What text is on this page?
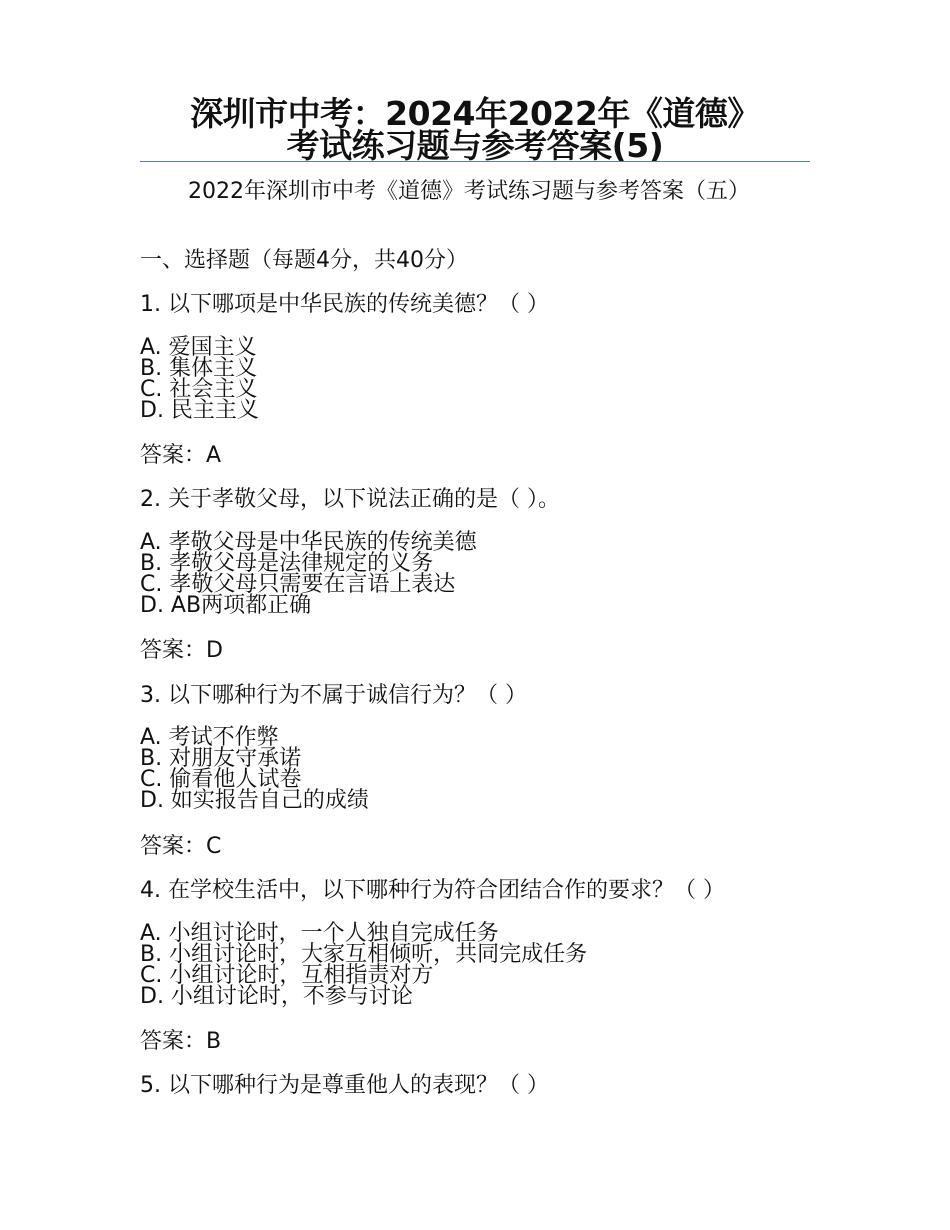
深圳市中考：2024年2022年《道德》
考试练习题与参考答案(5)
2022年深圳市中考《道德》考试练习题与参考答案（五）
一、选择题（每题4分，共40分）
1. 以下哪项是中华民族的传统美德？（ ）
A. 爱国主义
B. 集体主义
C. 社会主义
D. 民主主义
答案：A
2. 关于孝敬父母，以下说法正确的是（ ）。
A. 孝敬父母是中华民族的传统美德
B. 孝敬父母是法律规定的义务
C. 孝敬父母只需要在言语上表达
D. AB两项都正确
答案：D
3. 以下哪种行为不属于诚信行为？（ ）
A. 考试不作弊
B. 对朋友守承诺
C. 偷看他人试卷
D. 如实报告自己的成绩
答案：C
4. 在学校生活中，以下哪种行为符合团结合作的要求？（ ）
A. 小组讨论时，一个人独自完成任务
B. 小组讨论时，大家互相倾听，共同完成任务
C. 小组讨论时，互相指责对方
D. 小组讨论时，不参与讨论
答案：B
5. 以下哪种行为是尊重他人的表现？（ ）
